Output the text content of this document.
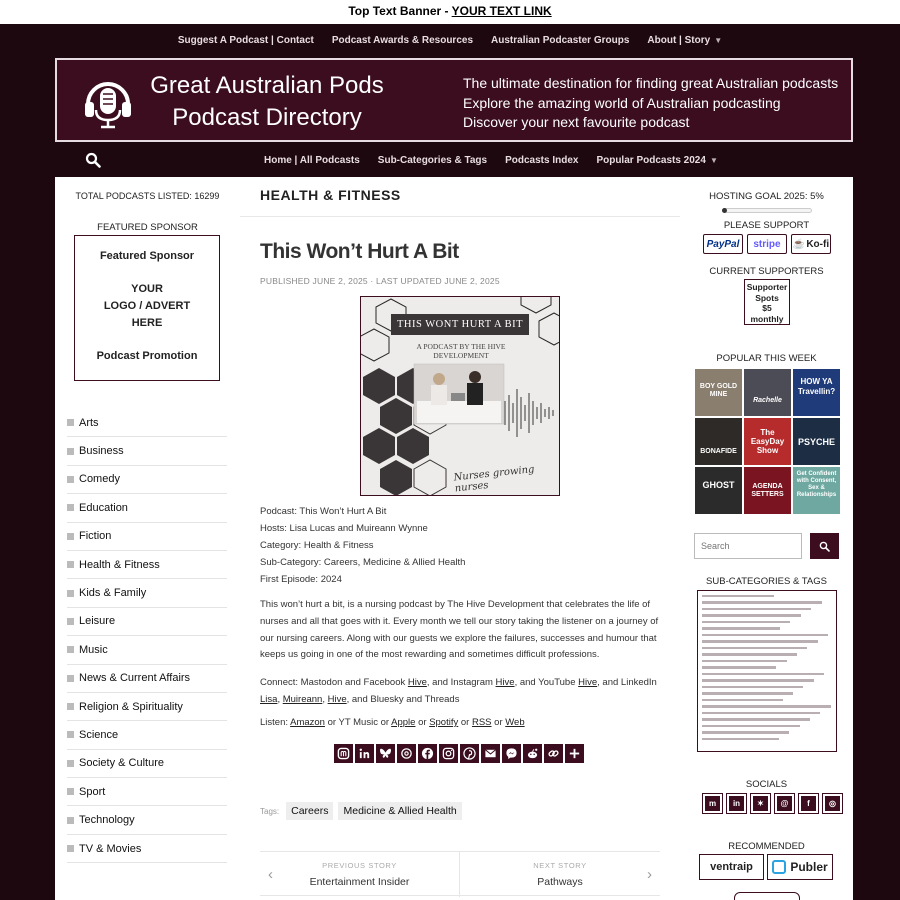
Top Text Banner - YOUR TEXT LINK
Suggest A Podcast | Contact	Podcast Awards & Resources	Australian Podcaster Groups	About | Story ▼
Great Australian Pods
Podcast Directory
The ultimate destination for finding great Australian podcasts
Explore the amazing world of Australian podcasting
Discover your next favourite podcast
Home | All Podcasts	Sub-Categories & Tags	Podcasts Index	Popular Podcasts 2024 ▼
TOTAL PODCASTS LISTED: 16299
FEATURED SPONSOR
Featured Sponsor
YOUR
LOGO / ADVERT
HERE
Podcast Promotion
Arts
Business
Comedy
Education
Fiction
Health & Fitness
Kids & Family
Leisure
Music
News & Current Affairs
Religion & Spirituality
Science
Society & Culture
Sport
Technology
TV & Movies
HEALTH & FITNESS
This Won’t Hurt A Bit
PUBLISHED JUNE 2, 2025 · LAST UPDATED JUNE 2, 2025
THIS WONT HURT A BIT
A PODCAST BY THE HIVE DEVELOPMENT
Nurses growing nurses
Podcast: This Won’t Hurt A Bit
Hosts: Lisa Lucas and Muireann Wynne
Category: Health & Fitness
Sub-Category: Careers, Medicine & Allied Health
First Episode: 2024

This won’t hurt a bit, is a nursing podcast by The Hive Development that celebrates the life of nurses and all that goes with it. Every month we tell our story taking the listener on a journey of our nursing careers. Along with our guests we explore the failures, successes and humour that keeps us going in one of the most rewarding and sometimes difficult professions.

Connect: Mastodon and Facebook Hive, and Instagram Hive, and YouTube Hive, and LinkedIn Lisa, Muireann, Hive, and Bluesky and Threads

Listen: Amazon or YT Music or Apple or Spotify or RSS or Web

Tags:	Careers	Medicine & Allied Health
‹
PREVIOUS STORY
Entertainment Insider	›
NEXT STORY
Pathways
HOSTING GOAL 2025: 5%
PLEASE SUPPORT
PayPal stripe ☕ Ko-fi
CURRENT SUPPORTERS
Supporter
Spots
$5
monthly
POPULAR THIS WEEK
BOY GOLD MINE
Rachelle
HOW YA Travellin?
BONAFIDE
The EasyDay Show
PSYCHE
GHOST	AGENDA SETTERS
Get Confident with Consent, Sex & Relationships
Search
SUB-CATEGORIES & TAGS
SOCIALS
m	in	✶	@	f	◎
RECOMMENDED
ventraip	Publer
